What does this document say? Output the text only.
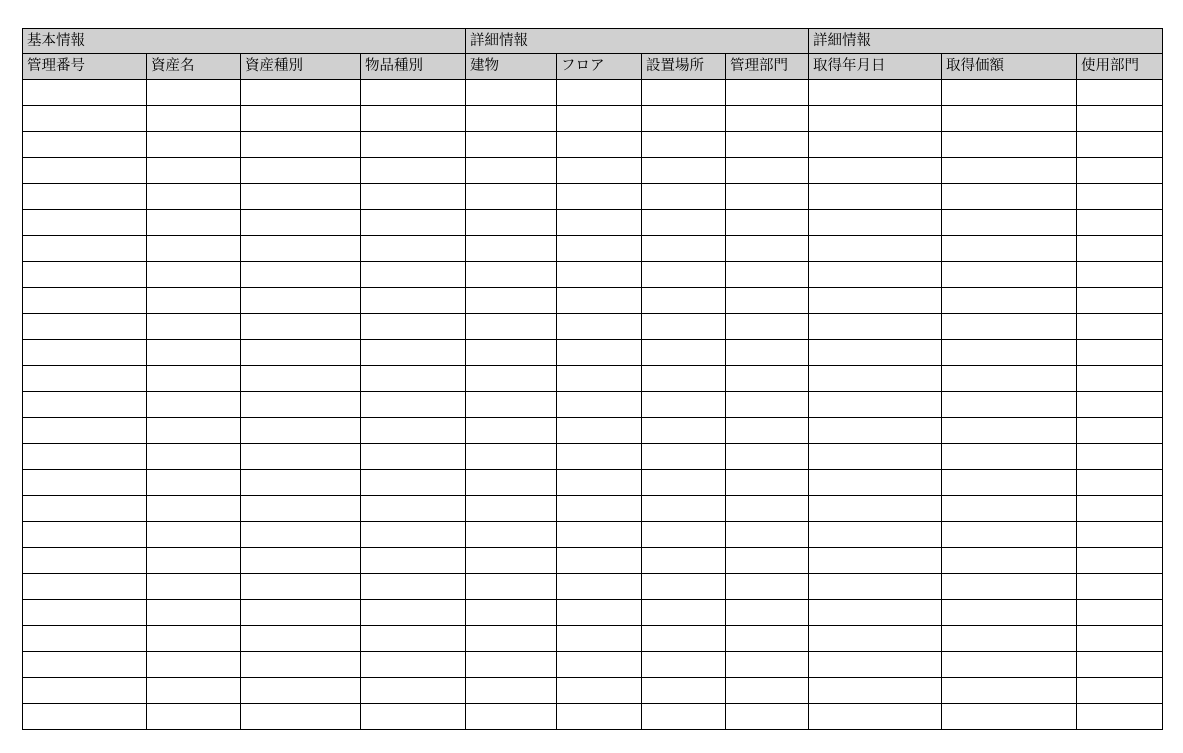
基本情報				詳細情報				詳細情報		
管理番号	資産名	資産種別	物品種別	建物	フロア	設置場所	管理部門	取得年月日	取得価額	使用部門
